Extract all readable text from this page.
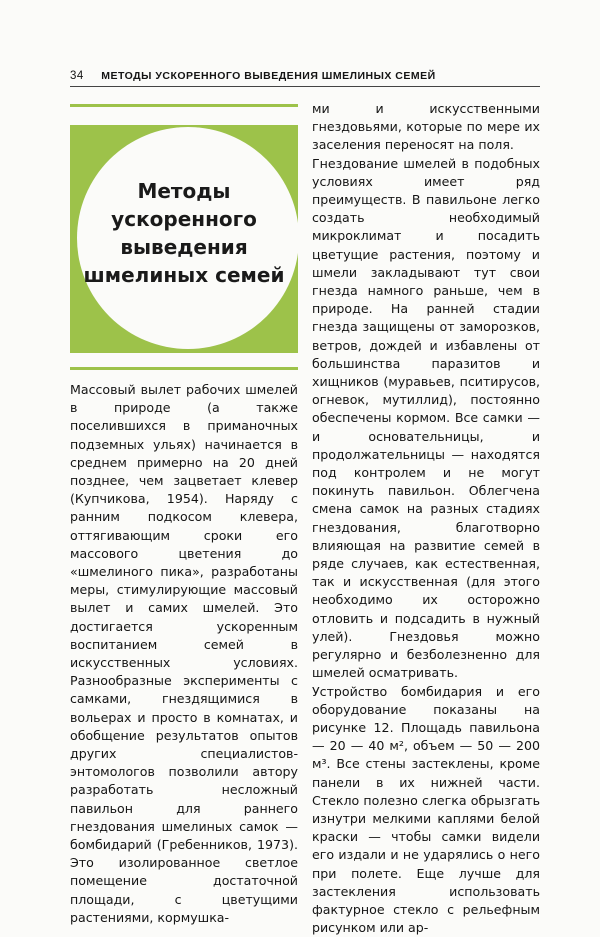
34 МЕТОДЫ УСКОРЕННОГО ВЫВЕДЕНИЯ ШМЕЛИНЫХ СЕМЕЙ
Методы
ускоренного
выведения
шмелиных семей

Массовый вылет рабочих шмелей в природе (а также поселившихся в примaночных подземных ульях) начинается в среднем примерно на 20 дней позднее, чем зацветает клевер (Купчикова, 1954). Наряду с ранним подкосом клевера, оттягивающим сроки его массового цветения до «шмелиного пика», разработаны меры, стимулирующие массовый вылет и самих шмелей. Это достигается ускоренным воспитанием семей в искусственных условиях. Разнообразные эксперименты с самками, гнездящимися в вольерах и просто в комнатах, и обобщение результатов опытов других специалистов-энтомологов позволили автору разработать несложный павильон для раннего гнездования шмелиных самок — бомбидарий (Гребенников, 1973). Это изолированное светлое помещение достаточной площади, с цветущими растениями, кормушка-

ми и искусственными гнездовьями, которые по мере их заселения переносят на поля.

Гнездование шмелей в подобных условиях имеет ряд преимуществ. В павильоне легко создать необходимый микроклимат и посадить цветущие растения, поэтому и шмели закладывают тут свои гнезда намного раньше, чем в природе. На ранней стадии гнезда защищены от заморозков, ветров, дождей и избавлены от большинства паразитов и хищников (муравьев, пситирусов, огневок, мутиллид), постоянно обеспечены кормом. Все самки — и основательницы, и продолжательницы — находятся под контролем и не могут покинуть павильон. Облегчена смена самок на разных стадиях гнездования, благотворно влияющая на развитие семей в ряде случаев, как естественная, так и искусственная (для этого необходимо их осторожно отловить и подсадить в нужный улей). Гнездовья можно регулярно и безболезненно для шмелей осматривать.

Устройство бомбидария и его оборудование показаны на рисунке 12. Площадь павильона — 20 — 40 м², объем — 50 — 200 м³. Все стены застеклены, кроме панели в их нижней части. Стекло полезно слегка обрызгать изнутри мелкими каплями белой краски — чтобы самки видели его издали и не ударялись о него при полете. Еще лучше для застекления использовать фактурное стекло с рельефным рисунком или ар-
